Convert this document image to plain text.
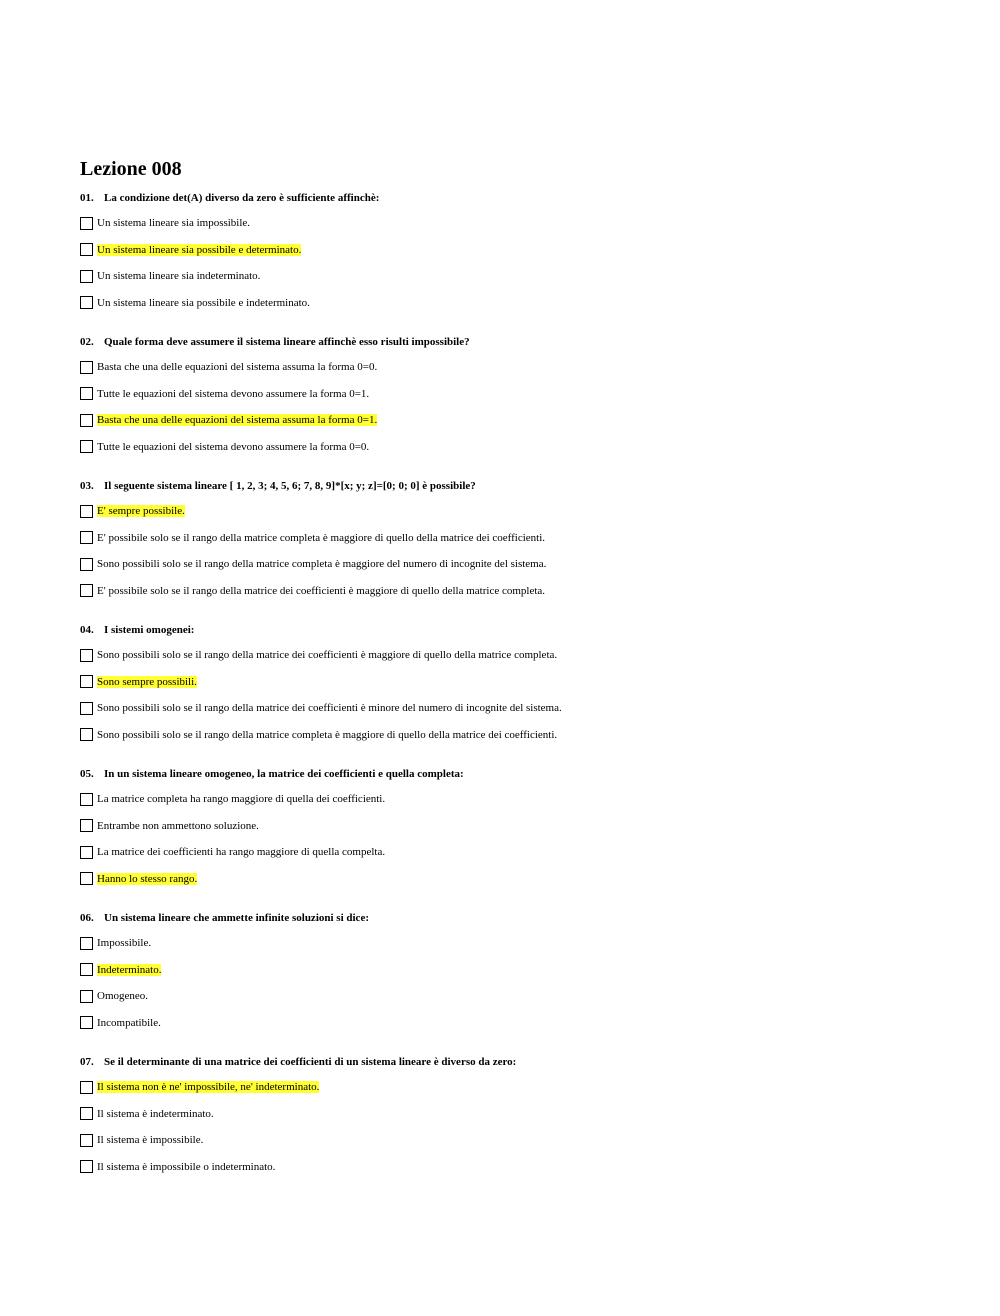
Lezione 008
01. La condizione det(A) diverso da zero è sufficiente affinchè:
Un sistema lineare sia impossibile.
Un sistema lineare sia possibile e determinato.
Un sistema lineare sia indeterminato.
Un sistema lineare sia possibile e indeterminato.
02. Quale forma deve assumere il sistema lineare affinchè esso risulti impossibile?
Basta che una delle equazioni del sistema assuma la forma 0=0.
Tutte le equazioni del sistema devono assumere la forma 0=1.
Basta che una delle equazioni del sistema assuma la forma 0=1.
Tutte le equazioni del sistema devono assumere la forma 0=0.
03. Il seguente sistema lineare [ 1, 2, 3; 4, 5, 6; 7, 8, 9]*[x; y; z]=[0; 0; 0] è possibile?
E' sempre possibile.
E' possibile solo se il rango della matrice completa è maggiore di quello della matrice dei coefficienti.
Sono possibili solo se il rango della matrice completa è maggiore del numero di incognite del sistema.
E' possibile solo se il rango della matrice dei coefficienti è maggiore di quello della matrice completa.
04. I sistemi omogenei:
Sono possibili solo se il rango della matrice dei coefficienti è maggiore di quello della matrice completa.
Sono sempre possibili.
Sono possibili solo se il rango della matrice dei coefficienti è minore del numero di incognite del sistema.
Sono possibili solo se il rango della matrice completa è maggiore di quello della matrice dei coefficienti.
05. In un sistema lineare omogeneo, la matrice dei coefficienti e quella completa:
La matrice completa ha rango maggiore di quella dei coefficienti.
Entrambe non ammettono soluzione.
La matrice dei coefficienti ha rango maggiore di quella compelta.
Hanno lo stesso rango.
06. Un sistema lineare che ammette infinite soluzioni si dice:
Impossibile.
Indeterminato.
Omogeneo.
Incompatibile.
07. Se il determinante di una matrice dei coefficienti di un sistema lineare è diverso da zero:
Il sistema non è ne' impossibile, ne' indeterminato.
Il sistema è indeterminato.
Il sistema è impossibile.
Il sistema è impossibile o indeterminato.
